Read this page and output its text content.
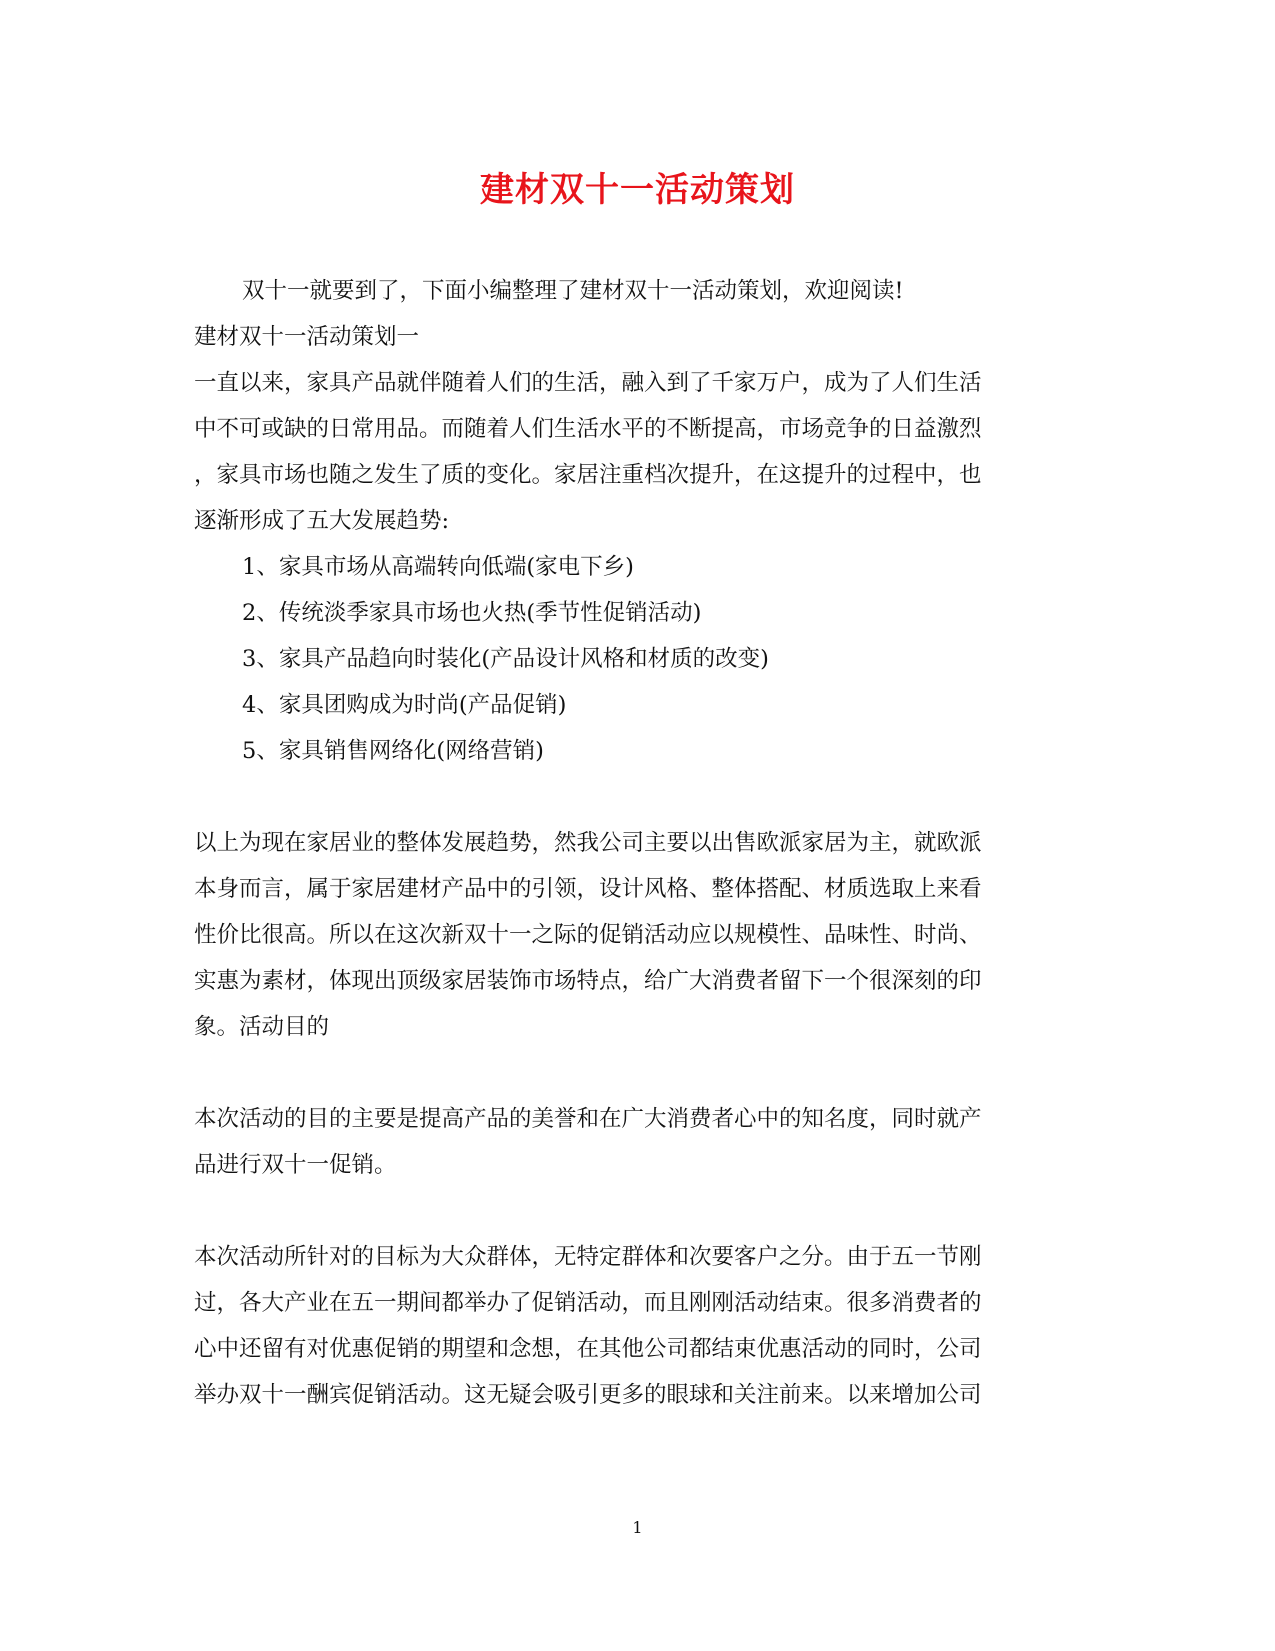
建材双十一活动策划
双十一就要到了，下面小编整理了建材双十一活动策划，欢迎阅读!
建材双十一活动策划一
一直以来，家具产品就伴随着人们的生活，融入到了千家万户，成为了人们生活
中不可或缺的日常用品。而随着人们生活水平的不断提高，市场竞争的日益激烈
，家具市场也随之发生了质的变化。家居注重档次提升，在这提升的过程中，也
逐渐形成了五大发展趋势:
1、家具市场从高端转向低端(家电下乡)
2、传统淡季家具市场也火热(季节性促销活动)
3、家具产品趋向时装化(产品设计风格和材质的改变)
4、家具团购成为时尚(产品促销)
5、家具销售网络化(网络营销)
以上为现在家居业的整体发展趋势，然我公司主要以出售欧派家居为主，就欧派
本身而言，属于家居建材产品中的引领，设计风格、整体搭配、材质选取上来看
性价比很高。所以在这次新双十一之际的促销活动应以规模性、品味性、时尚、
实惠为素材，体现出顶级家居装饰市场特点，给广大消费者留下一个很深刻的印
象。活动目的
本次活动的目的主要是提高产品的美誉和在广大消费者心中的知名度，同时就产
品进行双十一促销。
本次活动所针对的目标为大众群体，无特定群体和次要客户之分。由于五一节刚
过，各大产业在五一期间都举办了促销活动，而且刚刚活动结束。很多消费者的
心中还留有对优惠促销的期望和念想，在其他公司都结束优惠活动的同时，公司
举办双十一酬宾促销活动。这无疑会吸引更多的眼球和关注前来。以来增加公司
1
